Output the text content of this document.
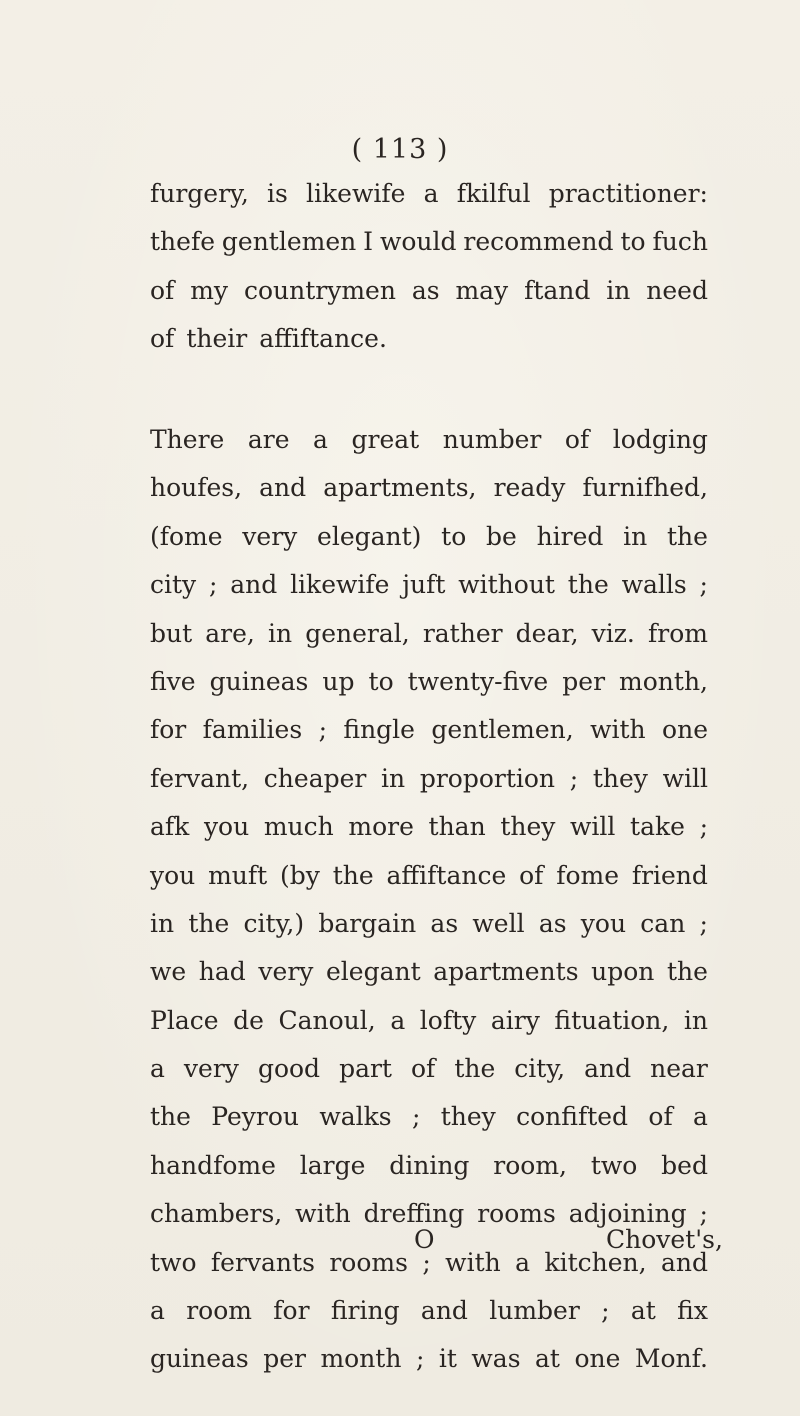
( 113 )
furgery, is likewife a fkilful practitioner:
thefe gentlemen I would recommend to fuch
of my countrymen as may ftand in need
of their affiftance.
There are a great number of lodging
houfes, and apartments, ready furnifhed,
(fome very elegant) to be hired in the
city ; and likewife juft without the walls ;
but are, in general, rather dear, viz. from
five guineas up to twenty-five per month,
for families ; fingle gentlemen, with one
fervant, cheaper in proportion ; they will
afk you much more than they will take ;
you muft (by the affiftance of fome friend
in the city,) bargain as well as you can ;
we had very elegant apartments upon the
Place de Canoul, a lofty airy fituation, in
a very good part of the city, and near
the Peyrou walks ; they confifted of a
handfome large dining room, two bed
chambers, with dreffing rooms adjoining ;
two fervants rooms ; with a kitchen, and
a room for firing and lumber ; at fix
guineas per month ; it was at one Monf.
O	Chovet's,
